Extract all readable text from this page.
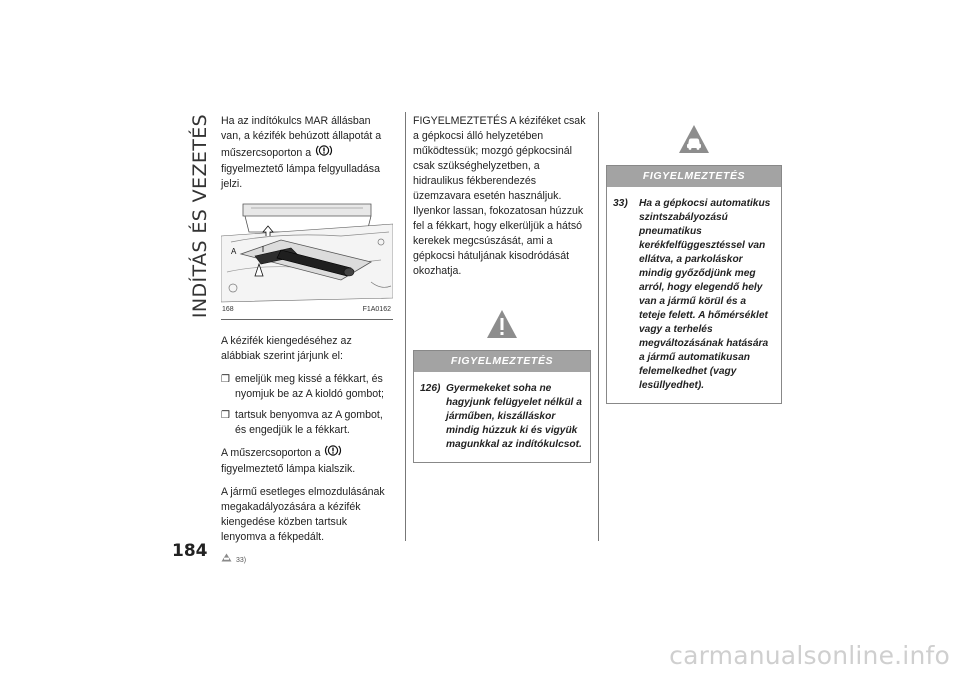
INDÍTÁS ÉS VEZETÉS Ha az indítókulcs MAR állásban van, a kézifék behúzott állapotát a műszercsoporton a  figyelmeztető lámpa felgyulladása jelzi.

A
168	F1A0162

A kézifék kiengedéséhez az alábbiak szerint járjunk el:

❒ emeljük meg kissé a fékkart, és nyomjuk be az A kioldó gombot;
❒ tartsuk benyomva az A gombot, és engedjük le a fékkart.

A műszercsoporton a  figyelmeztető lámpa kialszik.

A jármű esetleges elmozdulásának megakadályozására a kézifék kiengedése közben tartsuk lenyomva a fékpedált.

33)

FIGYELMEZTETÉS A kéziféket csak a gépkocsi álló helyzetében működtessük; mozgó gépkocsinál csak szükséghelyzetben, a hidraulikus fékberendezés üzemzavara esetén használjuk. Ilyenkor lassan, fokozatosan húzzuk fel a fékkart, hogy elkerüljük a hátsó kerekek megcsúszását, ami a gépkocsi hátuljának kisodródását okozhatja.

FIGYELMEZTETÉS
126) Gyermekeket soha ne hagyjunk felügyelet nélkül a járműben, kiszálláskor mindig húzzuk ki és vigyük magunkkal az indítókulcsot.
FIGYELMEZTETÉS
33)	Ha a gépkocsi automatikus szintszabályozású pneumatikus kerékfelfüggesztéssel van ellátva, a parkoláskor mindig győződjünk meg arról, hogy elegendő hely van a jármű körül és a teteje felett. A hőmérséklet vagy a terhelés megváltozásának hatására a jármű automatikusan felemelkedhet (vagy lesüllyedhet).
184
carmanualsonline.info
